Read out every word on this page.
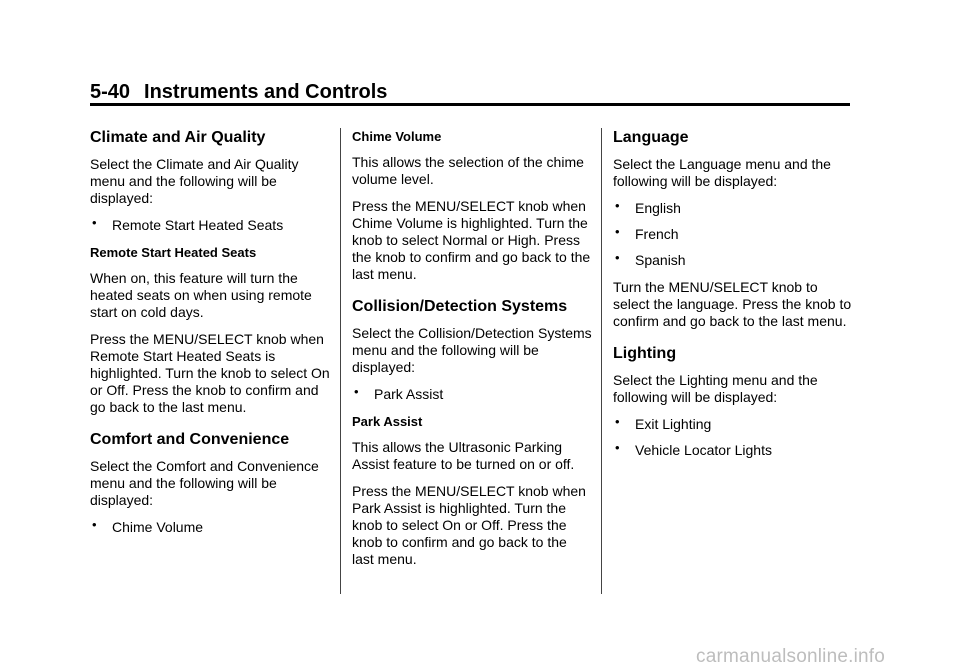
5-40 Instruments and Controls
Climate and Air Quality

Select the Climate and Air Quality menu and the following will be displayed:

• Remote Start Heated Seats
Remote Start Heated Seats

When on, this feature will turn the heated seats on when using remote start on cold days.

Press the MENU/SELECT knob when Remote Start Heated Seats is highlighted. Turn the knob to select On or Off. Press the knob to confirm and go back to the last menu.

Comfort and Convenience

Select the Comfort and Convenience menu and the following will be displayed:

• Chime Volume
Chime Volume

This allows the selection of the chime volume level.

Press the MENU/SELECT knob when Chime Volume is highlighted. Turn the knob to select Normal or High. Press the knob to confirm and go back to the last menu.

Collision/Detection Systems

Select the Collision/Detection Systems menu and the following will be displayed:

• Park Assist
Park Assist

This allows the Ultrasonic Parking Assist feature to be turned on or off.

Press the MENU/SELECT knob when Park Assist is highlighted. Turn the knob to select On or Off. Press the knob to confirm and go back to the last menu.

Language

Select the Language menu and the following will be displayed:

• English
• French
• Spanish

Turn the MENU/SELECT knob to select the language. Press the knob to confirm and go back to the last menu.

Lighting

Select the Lighting menu and the following will be displayed:

• Exit Lighting
• Vehicle Locator Lights
carmanualsonline.info
